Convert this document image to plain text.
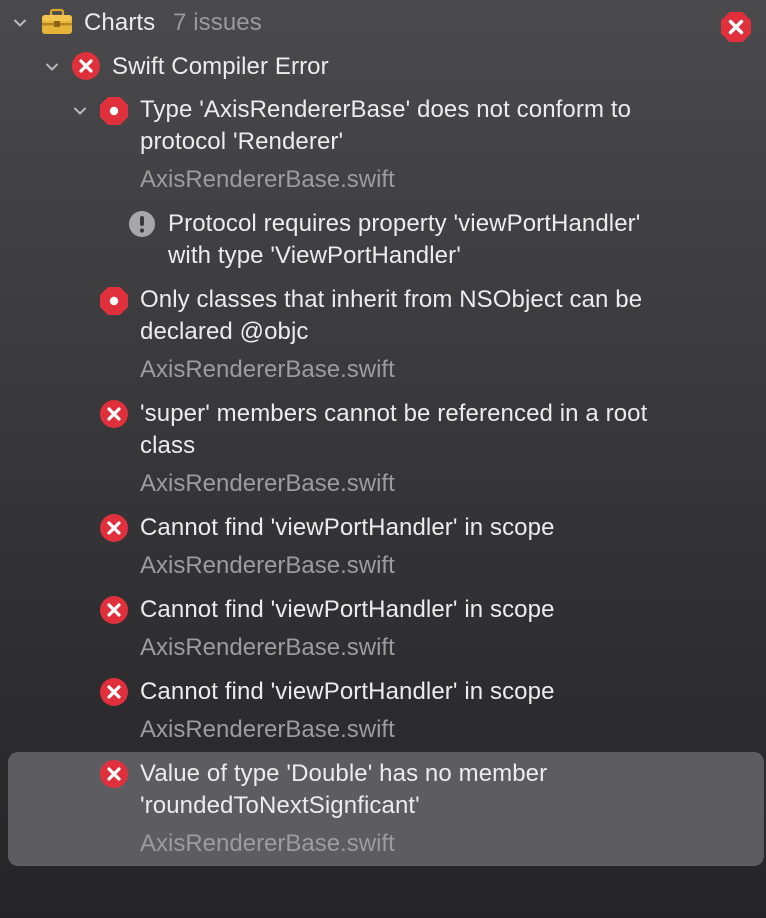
Charts 7 issues
Swift Compiler Error
Type 'AxisRendererBase' does not conform to
protocol 'Renderer'
AxisRendererBase.swift
Protocol requires property 'viewPortHandler'
with type 'ViewPortHandler'
Only classes that inherit from NSObject can be
declared @objc
AxisRendererBase.swift
'super' members cannot be referenced in a root
class
AxisRendererBase.swift
Cannot find 'viewPortHandler' in scope
AxisRendererBase.swift
Cannot find 'viewPortHandler' in scope
AxisRendererBase.swift
Cannot find 'viewPortHandler' in scope
AxisRendererBase.swift
Value of type 'Double' has no member
'roundedToNextSignficant'
AxisRendererBase.swift
